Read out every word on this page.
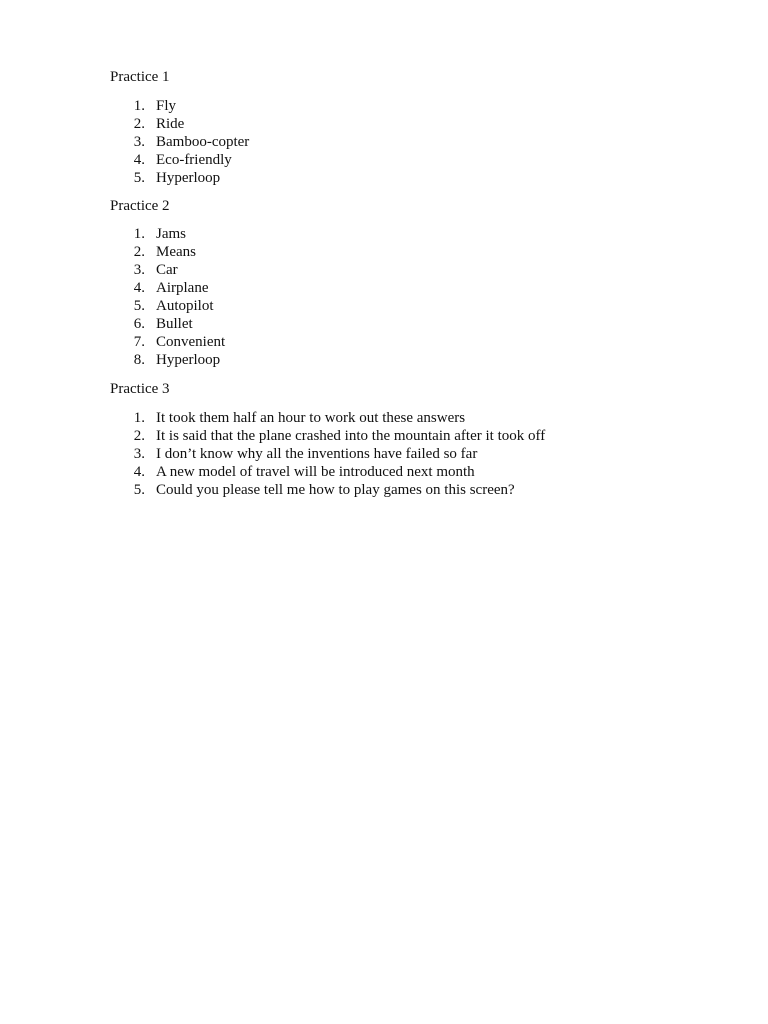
Practice 1

1. Fly
2. Ride
3. Bamboo-copter
4. Eco-friendly
5. Hyperloop

Practice 2

1. Jams
2. Means
3. Car
4. Airplane
5. Autopilot
6. Bullet
7. Convenient
8. Hyperloop

Practice 3

1. It took them half an hour to work out these answers
2. It is said that the plane crashed into the mountain after it took off
3. I don’t know why all the inventions have failed so far
4. A new model of travel will be introduced next month
5. Could you please tell me how to play games on this screen?
